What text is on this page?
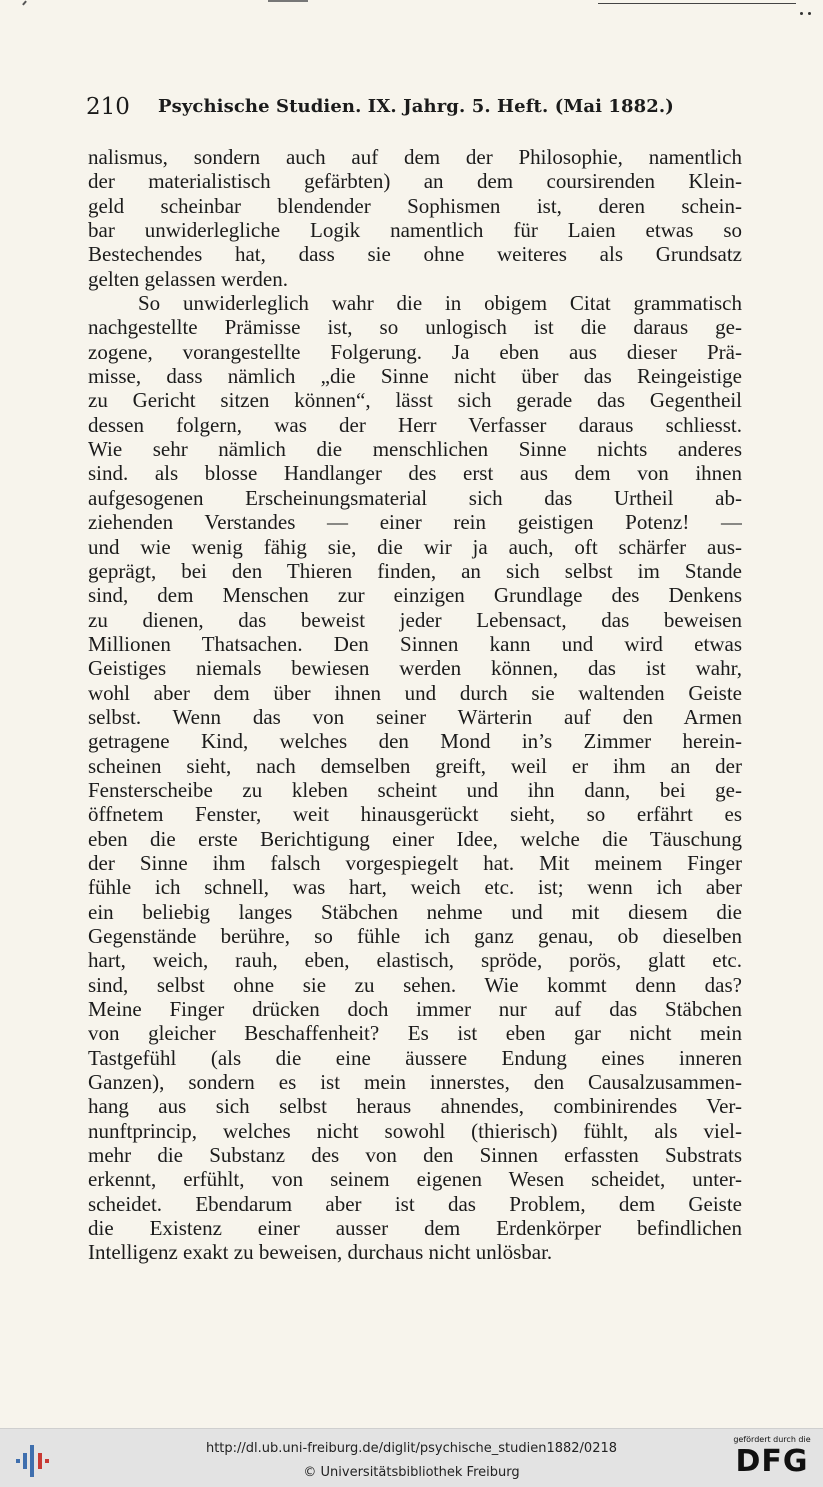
210 Psychische Studien. IX. Jahrg. 5. Heft. (Mai 1882.)
nalismus, sondern auch auf dem der Philosophie, namentlich
der materialistisch gefärbten) an dem coursirenden Klein-
geld scheinbar blendender Sophismen ist, deren schein-
bar unwiderlegliche Logik namentlich für Laien etwas so
Bestechendes hat, dass sie ohne weiteres als Grundsatz
gelten gelassen werden.
So unwiderleglich wahr die in obigem Citat grammatisch
nachgestellte Prämisse ist, so unlogisch ist die daraus ge-
zogene, vorangestellte Folgerung. Ja eben aus dieser Prä-
misse, dass nämlich „die Sinne nicht über das Reingeistige
zu Gericht sitzen können“, lässt sich gerade das Gegentheil
dessen folgern, was der Herr Verfasser daraus schliesst.
Wie sehr nämlich die menschlichen Sinne nichts anderes
sind. als blosse Handlanger des erst aus dem von ihnen
aufgesogenen Erscheinungsmaterial sich das Urtheil ab-
ziehenden Verstandes — einer rein geistigen Potenz! —
und wie wenig fähig sie, die wir ja auch, oft schärfer aus-
geprägt, bei den Thieren finden, an sich selbst im Stande
sind, dem Menschen zur einzigen Grundlage des Denkens
zu dienen, das beweist jeder Lebensact, das beweisen
Millionen Thatsachen. Den Sinnen kann und wird etwas
Geistiges niemals bewiesen werden können, das ist wahr,
wohl aber dem über ihnen und durch sie waltenden Geiste
selbst. Wenn das von seiner Wärterin auf den Armen
getragene Kind, welches den Mond in’s Zimmer herein-
scheinen sieht, nach demselben greift, weil er ihm an der
Fensterscheibe zu kleben scheint und ihn dann, bei ge-
öffnetem Fenster, weit hinausgerückt sieht, so erfährt es
eben die erste Berichtigung einer Idee, welche die Täuschung
der Sinne ihm falsch vorgespiegelt hat. Mit meinem Finger
fühle ich schnell, was hart, weich etc. ist; wenn ich aber
ein beliebig langes Stäbchen nehme und mit diesem die
Gegenstände berühre, so fühle ich ganz genau, ob dieselben
hart, weich, rauh, eben, elastisch, spröde, porös, glatt etc.
sind, selbst ohne sie zu sehen. Wie kommt denn das?
Meine Finger drücken doch immer nur auf das Stäbchen
von gleicher Beschaffenheit? Es ist eben gar nicht mein
Tastgefühl (als die eine äussere Endung eines inneren
Ganzen), sondern es ist mein innerstes, den Causalzusammen-
hang aus sich selbst heraus ahnendes, combinirendes Ver-
nunftprincip, welches nicht sowohl (thierisch) fühlt, als viel-
mehr die Substanz des von den Sinnen erfassten Substrats
erkennt, erfühlt, von seinem eigenen Wesen scheidet, unter-
scheidet. Ebendarum aber ist das Problem, dem Geiste
die Existenz einer ausser dem Erdenkörper befindlichen
Intelligenz exakt zu beweisen, durchaus nicht unlösbar.
http://dl.ub.uni-freiburg.de/diglit/psychische_studien1882/0218
© Universitätsbibliothek Freiburg
gefördert durch die
DFG
